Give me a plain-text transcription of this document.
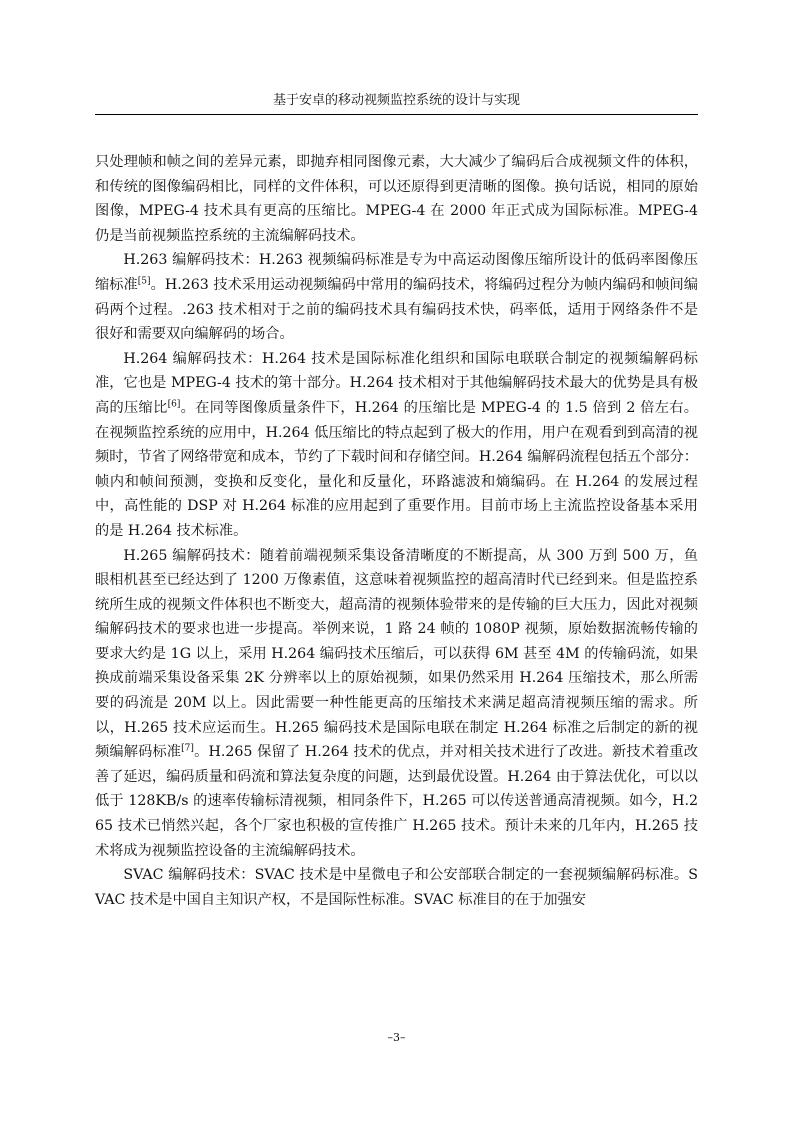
基于安卓的移动视频监控系统的设计与实现

只处理帧和帧之间的差异元素，即抛弃相同图像元素，大大减少了编码后合成视频文件的体积，和传统的图像编码相比，同样的文件体积，可以还原得到更清晰的图像。换句话说，相同的原始图像，MPEG-4 技术具有更高的压缩比。MPEG-4 在 2000 年正式成为国际标准。MPEG-4 仍是当前视频监控系统的主流编解码技术。

H.263 编解码技术：H.263 视频编码标准是专为中高运动图像压缩所设计的低码率图像压缩标准[5]。H.263 技术采用运动视频编码中常用的编码技术，将编码过程分为帧内编码和帧间编码两个过程。.263 技术相对于之前的编码技术具有编码技术快，码率低，适用于网络条件不是很好和需要双向编解码的场合。

H.264 编解码技术：H.264 技术是国际标准化组织和国际电联联合制定的视频编解码标准，它也是 MPEG-4 技术的第十部分。H.264 技术相对于其他编解码技术最大的优势是具有极高的压缩比[6]。在同等图像质量条件下，H.264 的压缩比是 MPEG-4 的 1.5 倍到 2 倍左右。在视频监控系统的应用中，H.264 低压缩比的特点起到了极大的作用，用户在观看到到高清的视频时，节省了网络带宽和成本，节约了下载时间和存储空间。H.264 编解码流程包括五个部分：帧内和帧间预测，变换和反变化，量化和反量化，环路滤波和熵编码。在 H.264 的发展过程中，高性能的 DSP 对 H.264 标准的应用起到了重要作用。目前市场上主流监控设备基本采用的是 H.264 技术标准。

H.265 编解码技术：随着前端视频采集设备清晰度的不断提高，从 300 万到 500 万，鱼眼相机甚至已经达到了 1200 万像素值，这意味着视频监控的超高清时代已经到来。但是监控系统所生成的视频文件体积也不断变大，超高清的视频体验带来的是传输的巨大压力，因此对视频编解码技术的要求也进一步提高。举例来说，1 路 24 帧的 1080P 视频，原始数据流畅传输的要求大约是 1G 以上，采用 H.264 编码技术压缩后，可以获得 6M 甚至 4M 的传输码流，如果换成前端采集设备采集 2K 分辨率以上的原始视频，如果仍然采用 H.264 压缩技术，那么所需要的码流是 20M 以上。因此需要一种性能更高的压缩技术来满足超高清视频压缩的需求。所以，H.265 技术应运而生。H.265 编码技术是国际电联在制定 H.264 标准之后制定的新的视频编解码标准[7]。H.265 保留了 H.264 技术的优点，并对相关技术进行了改进。新技术着重改善了延迟，编码质量和码流和算法复杂度的问题，达到最优设置。H.264 由于算法优化，可以以低于 128KB/s 的速率传输标清视频，相同条件下，H.265 可以传送普通高清视频。如今，H.265 技术已悄然兴起，各个厂家也积极的宣传推广 H.265 技术。预计未来的几年内，H.265 技术将成为视频监控设备的主流编解码技术。

SVAC 编解码技术：SVAC 技术是中星微电子和公安部联合制定的一套视频编解码标准。SVAC 技术是中国自主知识产权，不是国际性标准。SVAC 标准目的在于加强安

–3–
